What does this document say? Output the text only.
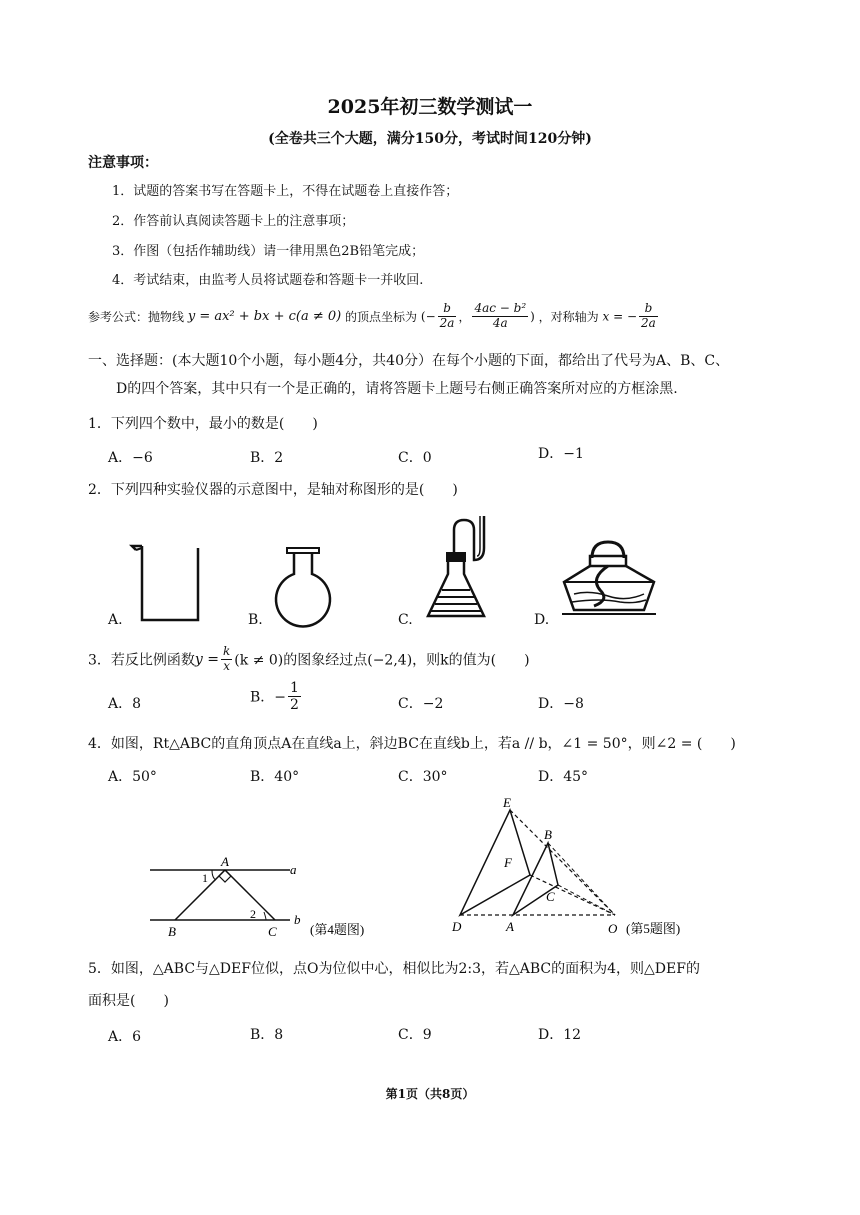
2025年初三数学测试一
(全卷共三个大题，满分150分，考试时间120分钟)
注意事项：
1．试题的答案书写在答题卡上，不得在试题卷上直接作答；
2．作答前认真阅读答题卡上的注意事项；
3．作图（包括作辅助线）请一律用黑色2B铅笔完成；
4．考试结束，由监考人员将试题卷和答题卡一并收回.
参考公式：抛物线 y = ax² + bx + c(a ≠ 0) 的顶点坐标为 (− $\frac{b}{2a}$ ， $\frac{\text{4ac − b²}}{4a}$ ) ，对称轴为 x = − $\frac{b}{2a}$
一、选择题：(本大题10个小题，每小题4分，共40分）在每个小题的下面，都给出了代号为A、B、C、
D的四个答案，其中只有一个是正确的，请将答题卡上题号右侧正确答案所对应的方框涂黑.
1．下列四个数中，最小的数是(　　)
A．−6	B．2	C．0	D．−1
2．下列四种实验仪器的示意图中，是轴对称图形的是(　　)
A.	B.	C.	D.
3．若反比例函数$y = \frac{k}{x} (k \ne 0)$的图象经过点(−2,4)，则k的值为(　　)
A．8	B．− $\frac{1}{2}$	C．−2	D．−8
4．如图，Rt△ABC的直角顶点A在直线a上，斜边BC在直线b上，若a // b，∠1 = 50°，则∠2 = (　　)
A．50°	B．40°	C．30°	D．45°
A
1
a
2	b
B	C	(第4题图)
E
B
F
C
D	A	O (第5题图)
5．如图，△ABC与△DEF位似，点O为位似中心，相似比为2:3，若△ABC的面积为4，则△DEF的
面积是(　　)
A．6	B．8	C．9	D．12
第1页（共8页）
